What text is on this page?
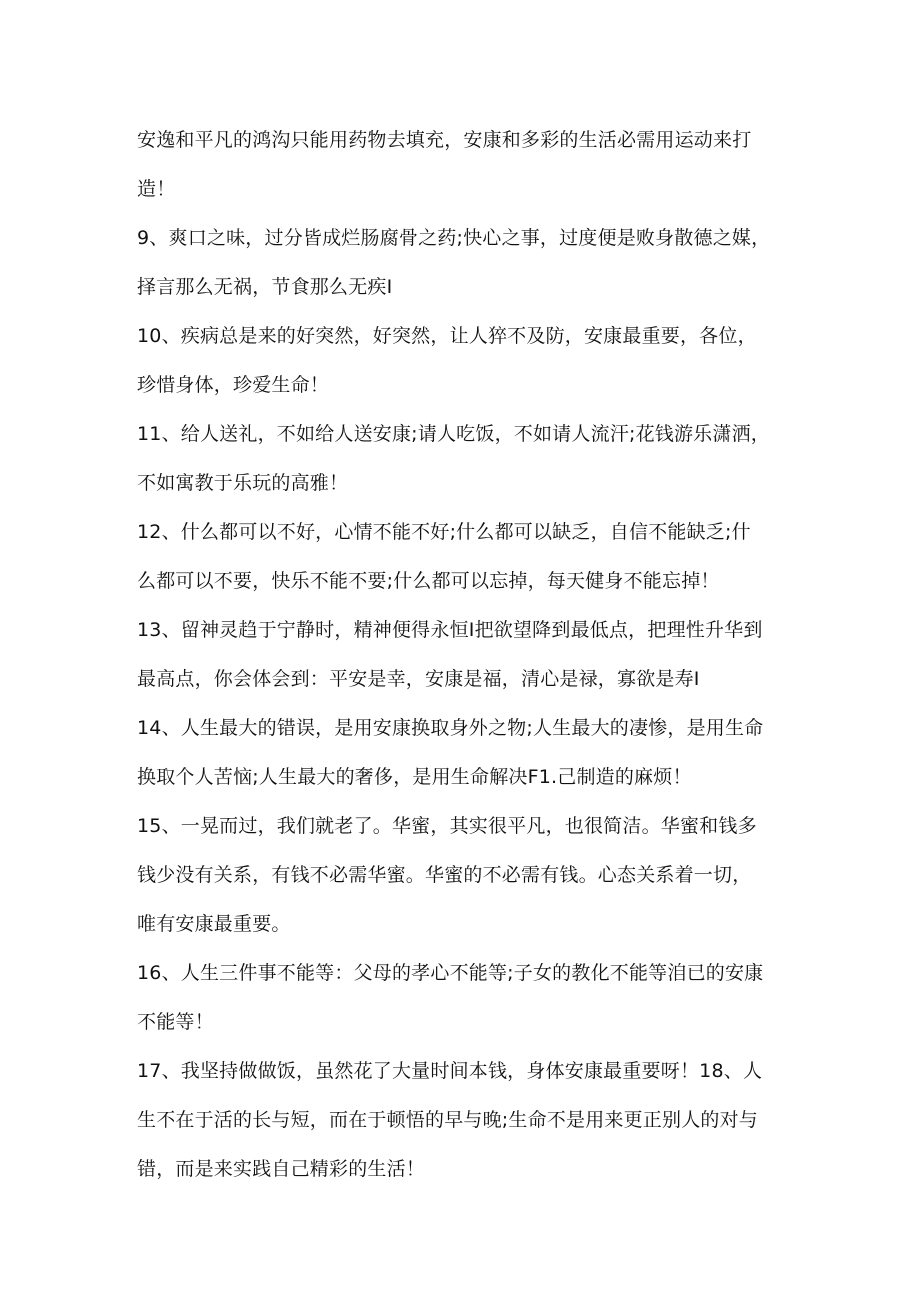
安逸和平凡的鸿沟只能用药物去填充，安康和多彩的生活必需用运动来打
造！
9、爽口之味，过分皆成烂肠腐骨之药;快心之事，过度便是败身散德之媒，
择言那么无祸，节食那么无疾I
10、疾病总是来的好突然，好突然，让人猝不及防，安康最重要，各位，
珍惜身体，珍爱生命！
11、给人送礼，不如给人送安康;请人吃饭，不如请人流汗;花钱游乐潇洒，
不如寓教于乐玩的高雅！
12、什么都可以不好，心情不能不好;什么都可以缺乏，自信不能缺乏;什
么都可以不要，快乐不能不要;什么都可以忘掉，每天健身不能忘掉！
13、留神灵趋于宁静时，精神便得永恒I把欲望降到最低点，把理性升华到
最高点，你会体会到：平安是幸，安康是福，清心是禄，寡欲是寿I
14、人生最大的错误，是用安康换取身外之物;人生最大的凄惨，是用生命
换取个人苦恼;人生最大的奢侈，是用生命解决F1.己制造的麻烦！
15、一晃而过，我们就老了。华蜜，其实很平凡，也很简洁。华蜜和钱多
钱少没有关系，有钱不必需华蜜。华蜜的不必需有钱。心态关系着一切，
唯有安康最重要。
16、人生三件事不能等：父母的孝心不能等;子女的教化不能等洎已的安康
不能等！
17、我坚持做做饭，虽然花了大量时间本钱，身体安康最重要呀！18、人
生不在于活的长与短，而在于顿悟的早与晚;生命不是用来更正别人的对与
错，而是来实践自己精彩的生活！
